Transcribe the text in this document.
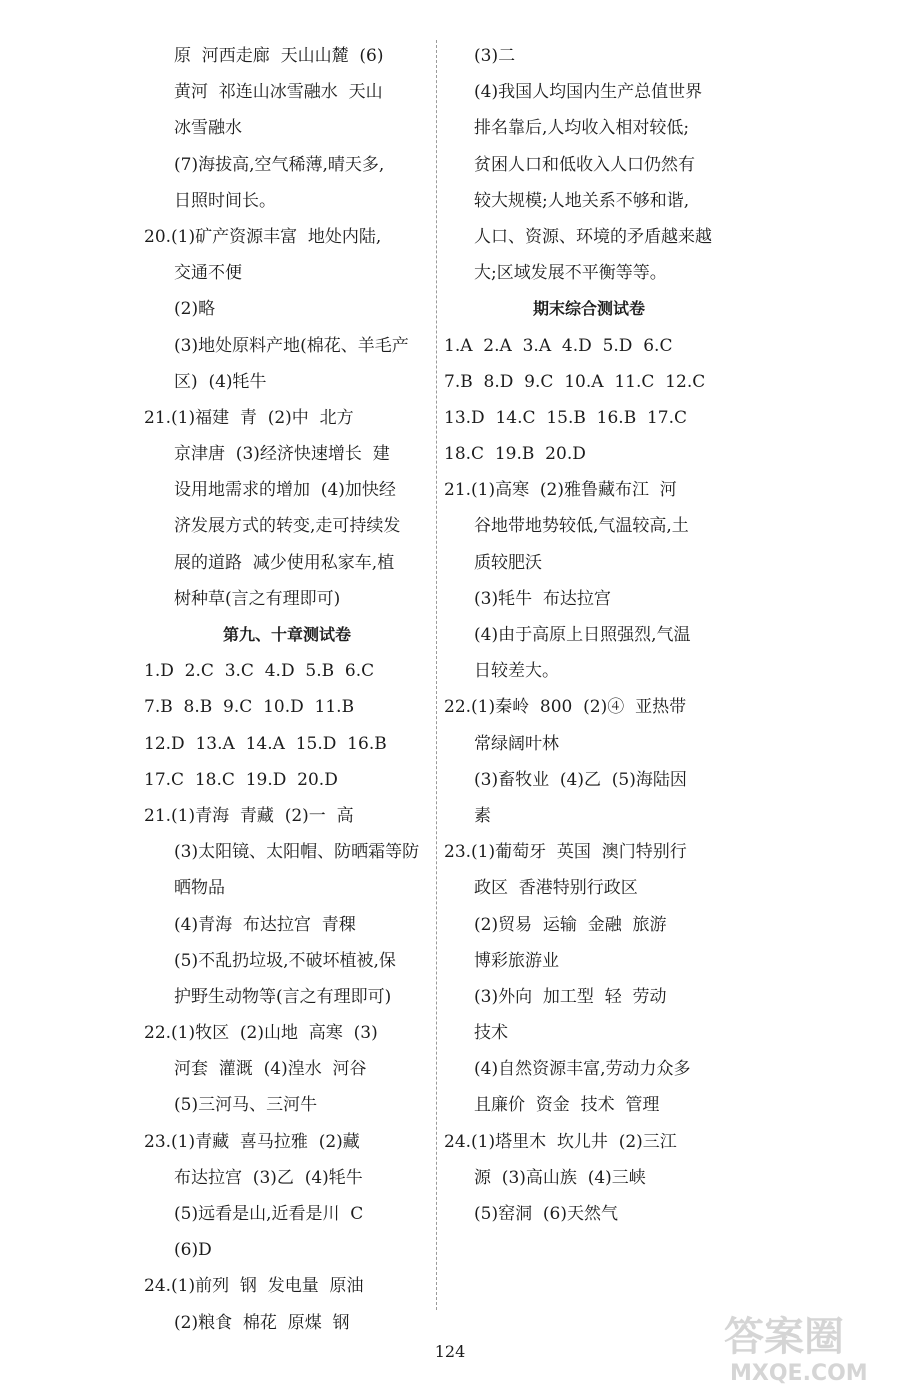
原  河西走廊  天山山麓  (6)
黄河  祁连山冰雪融水  天山
冰雪融水
(7)海拔高,空气稀薄,晴天多,
日照时间长。
20.(1)矿产资源丰富  地处内陆,
交通不便
(2)略
(3)地处原料产地(棉花、羊毛产
区)  (4)牦牛
21.(1)福建  青  (2)中  北方
京津唐  (3)经济快速增长  建
设用地需求的增加  (4)加快经
济发展方式的转变,走可持续发
展的道路  减少使用私家车,植
树种草(言之有理即可)
第九、十章测试卷
1.D  2.C  3.C  4.D  5.B  6.C
7.B  8.B  9.C  10.D  11.B
12.D  13.A  14.A  15.D  16.B
17.C  18.C  19.D  20.D
21.(1)青海  青藏  (2)一  高
(3)太阳镜、太阳帽、防晒霜等防
晒物品
(4)青海  布达拉宫  青稞
(5)不乱扔垃圾,不破坏植被,保
护野生动物等(言之有理即可)
22.(1)牧区  (2)山地  高寒  (3)
河套  灌溉  (4)湟水  河谷
(5)三河马、三河牛
23.(1)青藏  喜马拉雅  (2)藏
布达拉宫  (3)乙  (4)牦牛
(5)远看是山,近看是川  C
(6)D
24.(1)前列  钢  发电量  原油
(2)粮食  棉花  原煤  钢
(3)二
(4)我国人均国内生产总值世界
排名靠后,人均收入相对较低;
贫困人口和低收入人口仍然有
较大规模;人地关系不够和谐,
人口、资源、环境的矛盾越来越
大;区域发展不平衡等等。
期末综合测试卷
1.A  2.A  3.A  4.D  5.D  6.C
7.B  8.D  9.C  10.A  11.C  12.C
13.D  14.C  15.B  16.B  17.C
18.C  19.B  20.D
21.(1)高寒  (2)雅鲁藏布江  河
谷地带地势较低,气温较高,土
质较肥沃
(3)牦牛  布达拉宫
(4)由于高原上日照强烈,气温
日较差大。
22.(1)秦岭  800  (2)④  亚热带
常绿阔叶林
(3)畜牧业  (4)乙  (5)海陆因
素
23.(1)葡萄牙  英国  澳门特别行
政区  香港特别行政区
(2)贸易  运输  金融  旅游
博彩旅游业
(3)外向  加工型  轻  劳动
技术
(4)自然资源丰富,劳动力众多
且廉价  资金  技术  管理
24.(1)塔里木  坎儿井  (2)三江
源  (3)高山族  (4)三峡
(5)窑洞  (6)天然气
124	答案圈
MXQE.COM
